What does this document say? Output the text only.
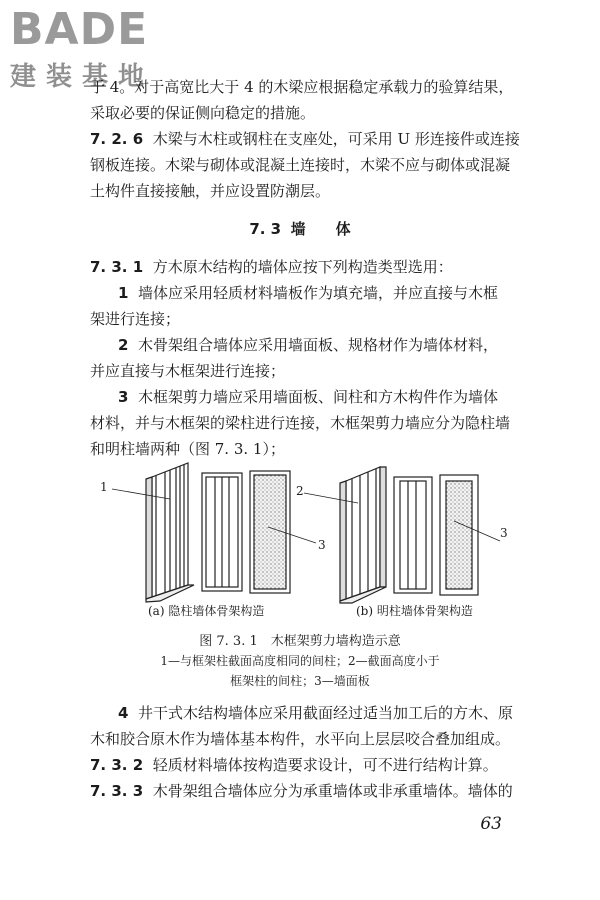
BADE
建装基地
于 4。对于高宽比大于 4 的木梁应根据稳定承载力的验算结果，
采取必要的保证侧向稳定的措施。
7. 2. 6 木梁与木柱或钢柱在支座处，可采用 U 形连接件或连接
钢板连接。木梁与砌体或混凝土连接时，木梁不应与砌体或混凝
土构件直接接触，并应设置防潮层。
7. 3 墙　　体
7. 3. 1 方木原木结构的墙体应按下列构造类型选用：
1 墙体应采用轻质材料墙板作为填充墙，并应直接与木框
架进行连接；
2 木骨架组合墙体应采用墙面板、规格材作为墙体材料，
并应直接与木框架进行连接；
3 木框架剪力墙应采用墙面板、间柱和方木构件作为墙体
材料，并与木框架的梁柱进行连接，木框架剪力墙应分为隐柱墙
和明柱墙两种（图 7. 3. 1）；
1	2
3
3
(a) 隐柱墙体骨架构造	(b) 明柱墙体骨架构造
图 7. 3. 1　木框架剪力墙构造示意
1—与框架柱截面高度相同的间柱；2—截面高度小于
框架柱的间柱；3—墙面板
4 井干式木结构墙体应采用截面经过适当加工后的方木、原
木和胶合原木作为墙体基本构件，水平向上层层咬合叠加组成。
7. 3. 2 轻质材料墙体按构造要求设计，可不进行结构计算。
7. 3. 3 木骨架组合墙体应分为承重墙体或非承重墙体。墙体的
63
